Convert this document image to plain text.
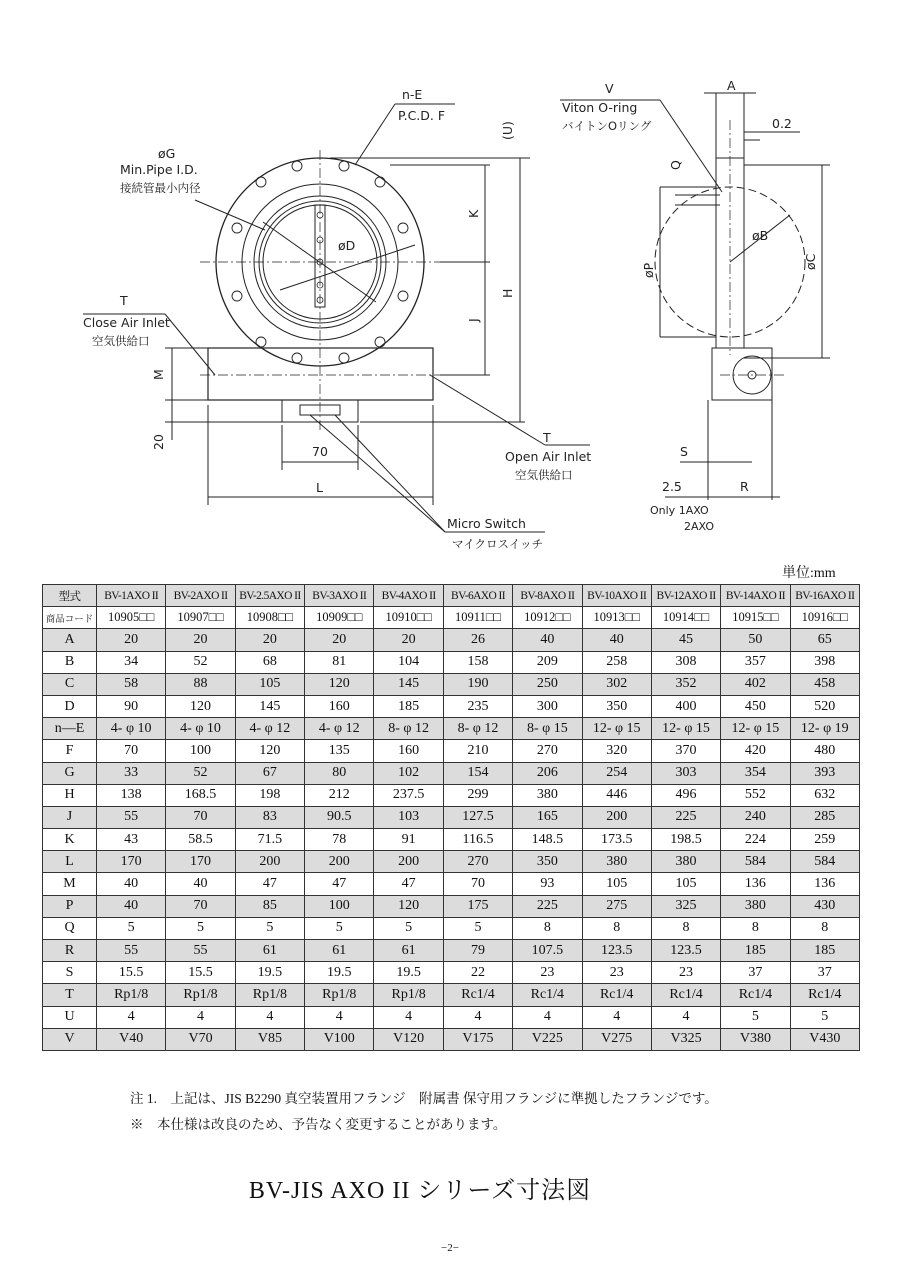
n-E
P.C.D. F
(U)
øG
Min.Pipe I.D.
接続管最小内径
øD
K
H
J
T
Close Air Inlet
空気供給口
M
20
70
T
Open Air Inlet
空気供給口
L
Micro Switch
マイクロスイッチ
V
Viton O-ring
バイトンOリング
A
0.2
Q
øB
øP
øC
S
2.5	R
Only 1AXO
2AXO
単位:mm
型式	BV-1AXO II	BV-2AXO II	BV-2.5AXO II	BV-3AXO II	BV-4AXO II	BV-6AXO II	BV-8AXO II	BV-10AXO II	BV-12AXO II	BV-14AXO II	BV-16AXO II
商品コード	10905□□	10907□□	10908□□	10909□□	10910□□	10911□□	10912□□	10913□□	10914□□	10915□□	10916□□
A	20	20	20	20	20	26	40	40	45	50	65
B	34	52	68	81	104	158	209	258	308	357	398
C	58	88	105	120	145	190	250	302	352	402	458
D	90	120	145	160	185	235	300	350	400	450	520
n—E	4- φ 10	4- φ 10	4- φ 12	4- φ 12	8- φ 12	8- φ 12	8- φ 15	12- φ 15	12- φ 15	12- φ 15	12- φ 19
F	70	100	120	135	160	210	270	320	370	420	480
G	33	52	67	80	102	154	206	254	303	354	393
H	138	168.5	198	212	237.5	299	380	446	496	552	632
J	55	70	83	90.5	103	127.5	165	200	225	240	285
K	43	58.5	71.5	78	91	116.5	148.5	173.5	198.5	224	259
L	170	170	200	200	200	270	350	380	380	584	584
M	40	40	47	47	47	70	93	105	105	136	136
P	40	70	85	100	120	175	225	275	325	380	430
Q	5	5	5	5	5	5	8	8	8	8	8
R	55	55	61	61	61	79	107.5	123.5	123.5	185	185
S	15.5	15.5	19.5	19.5	19.5	22	23	23	23	37	37
T	Rp1/8	Rp1/8	Rp1/8	Rp1/8	Rp1/8	Rc1/4	Rc1/4	Rc1/4	Rc1/4	Rc1/4	Rc1/4
U	4	4	4	4	4	4	4	4	4	5	5
V	V40	V70	V85	V100	V120	V175	V225	V275	V325	V380	V430
注 1.　上記は、JIS B2290 真空装置用フランジ　附属書 保守用フランジに準拠したフランジです。
※　本仕様は改良のため、予告なく変更することがあります。
BV-JIS AXO II シリーズ寸法図
−2−
